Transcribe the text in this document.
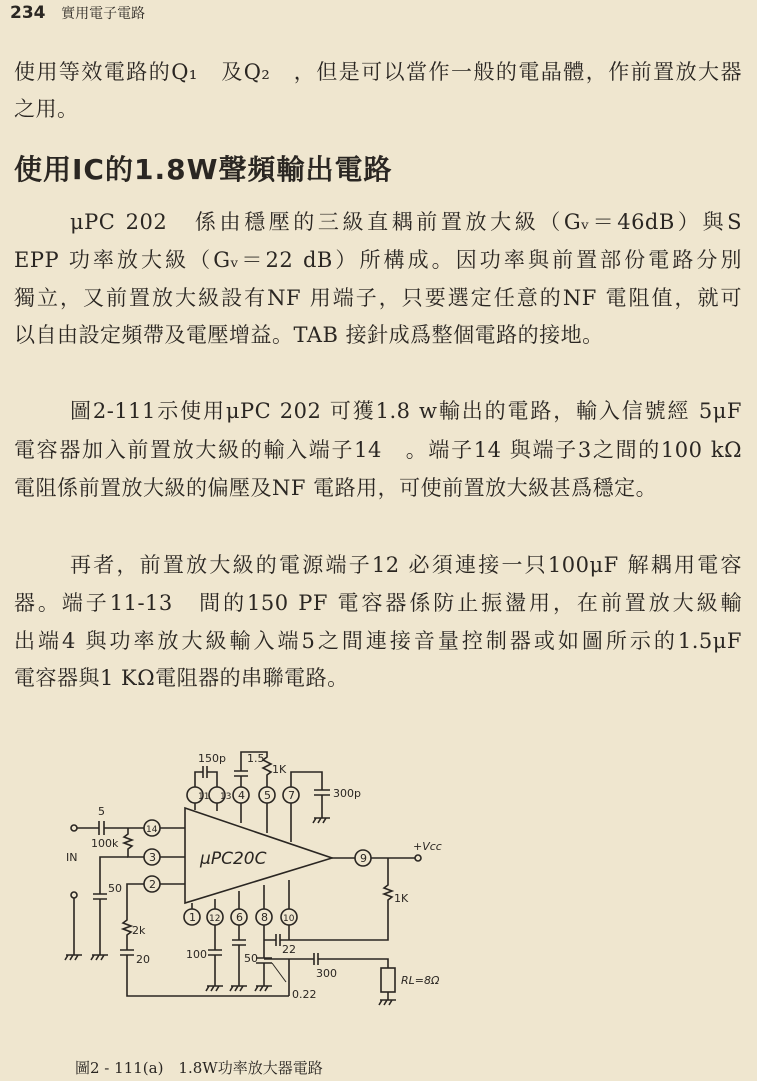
234 實用電子電路
使用等效電路的Q₁　及Q₂　，但是可以當作一般的電晶體，作前置放大器
之用。
使用IC的1.8W聲頻輸出電路
μPC 202　係由穩壓的三級直耦前置放大級（Gᵥ＝46dB）與S
EPP 功率放大級（Gᵥ＝22 dB）所構成。因功率與前置部份電路分別
獨立，又前置放大級設有NF 用端子，只要選定任意的NF 電阻值，就可
以自由設定頻帶及電壓增益。TAB 接針成爲整個電路的接地。
圖2-111示使用μPC 202 可獲1.8 w輸出的電路，輸入信號經 5μF
電容器加入前置放大級的輸入端子14　。端子14 與端子3之間的100 kΩ
電阻係前置放大級的偏壓及NF 電路用，可使前置放大級甚爲穩定。
再者，前置放大級的電源端子12 必須連接一只100μF 解耦用電容
器。端子11-13　間的150 PF 電容器係防止振盪用，在前置放大級輸
出端4 與功率放大級輸入端5之間連接音量控制器或如圖所示的1.5μF
電容器與1 KΩ電阻器的串聯電路。
11 13 4 5 7
14
3
2
9
1 12 6 8 10
μPC20C
150p 1.5
1K
300p
5
100k
IN
50
+Vcc
1K
2k
20	100	50
22
300
0.22
RL=8Ω
圖2 - 111(a)　1.8W功率放大器電路
